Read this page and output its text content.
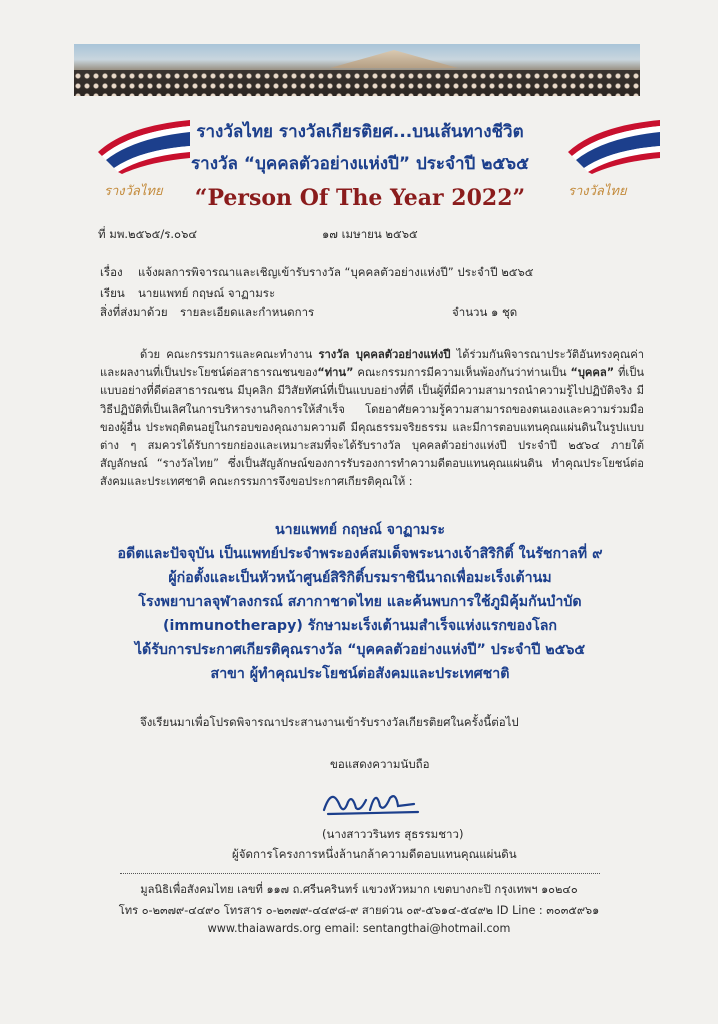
รางวัลไทย	รางวัลไทย
รางวัลไทย รางวัลเกียรติยศ...บนเส้นทางชีวิต
รางวัล “บุคคลตัวอย่างแห่งปี” ประจำปี ๒๕๖๕
“Person Of The Year 2022”
ที่ มพ.๒๕๖๕/ร.๐๖๔	๑๗ เมษายน ๒๕๖๕
เรื่อง แจ้งผลการพิจารณาและเชิญเข้ารับรางวัล “บุคคลตัวอย่างแห่งปี” ประจำปี ๒๕๖๕
เรียน นายแพทย์ กฤษณ์ จาฏามระ
สิ่งที่ส่งมาด้วย รายละเอียดและกำหนดการ	จำนวน ๑ ชุด
ด้วย คณะกรรมการและคณะทำงาน รางวัล บุคคลตัวอย่างแห่งปี ได้ร่วมกันพิจารณาประวัติอันทรงคุณค่าและผลงานที่เป็นประโยชน์ต่อสาธารณชนของ“ท่าน” คณะกรรมการมีความเห็นพ้องกันว่าท่านเป็น “บุคคล” ที่เป็นแบบอย่างที่ดีต่อสาธารณชน มีบุคลิก มีวิสัยทัศน์ที่เป็นแบบอย่างที่ดี เป็นผู้ที่มีความสามารถนำความรู้ไปปฏิบัติจริง มีวิธีปฏิบัติที่เป็นเลิศในการบริหารงานกิจการให้สำเร็จ โดยอาศัยความรู้ความสามารถของตนเองและความร่วมมือของผู้อื่น ประพฤติตนอยู่ในกรอบของคุณงามความดี มีคุณธรรมจริยธรรม และมีการตอบแทนคุณแผ่นดินในรูปแบบต่าง ๆ สมควรได้รับการยกย่องและเหมาะสมที่จะได้รับรางวัล บุคคลตัวอย่างแห่งปี ประจำปี ๒๕๖๔ ภายใต้สัญลักษณ์ “รางวัลไทย” ซึ่งเป็นสัญลักษณ์ของการรับรองการทำความดีตอบแทนคุณแผ่นดิน ทำคุณประโยชน์ต่อสังคมและประเทศชาติ คณะกรรมการจึงขอประกาศเกียรติคุณให้ :
นายแพทย์ กฤษณ์ จาฏามระ
อดีตและปัจจุบัน เป็นแพทย์ประจำพระองค์สมเด็จพระนางเจ้าสิริกิติ์ ในรัชกาลที่ ๙
ผู้ก่อตั้งและเป็นหัวหน้าศูนย์สิริกิติ์บรมราชินีนาถเพื่อมะเร็งเต้านม
โรงพยาบาลจุฬาลงกรณ์ สภากาชาดไทย และค้นพบการใช้ภูมิคุ้มกันบำบัด
(immunotherapy) รักษามะเร็งเต้านมสำเร็จแห่งแรกของโลก
ได้รับการประกาศเกียรติคุณรางวัล “บุคคลตัวอย่างแห่งปี” ประจำปี ๒๕๖๕
สาขา ผู้ทำคุณประโยชน์ต่อสังคมและประเทศชาติ
จึงเรียนมาเพื่อโปรดพิจารณาประสานงานเข้ารับรางวัลเกียรติยศในครั้งนี้ต่อไป
ขอแสดงความนับถือ
(นางสาววรินทร สุธรรมชาว)
ผู้จัดการโครงการหนึ่งล้านกล้าความดีตอบแทนคุณแผ่นดิน
มูลนิธิเพื่อสังคมไทย เลขที่ ๑๑๗ ถ.ศรีนครินทร์ แขวงหัวหมาก เขตบางกะปิ กรุงเทพฯ ๑๐๒๔๐
โทร ๐-๒๓๗๙-๔๔๙๐ โทรสาร ๐-๒๓๗๙-๔๔๙๘-๙ สายด่วน ๐๙-๕๖๑๔-๕๔๙๒ ID Line : ๓๐๓๕๙๖๑
www.thaiawards.org email: sentangthai@hotmail.com
